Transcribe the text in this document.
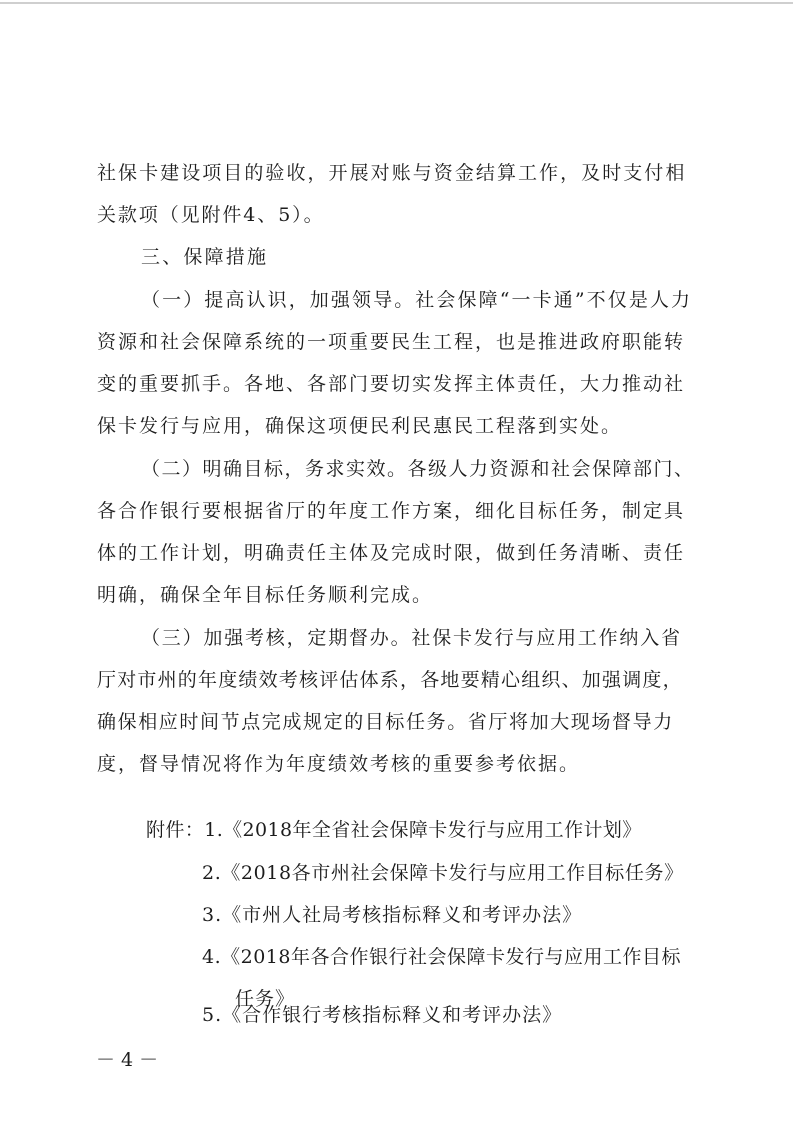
社保卡建设项目的验收，开展对账与资金结算工作，及时支付相
关款项（见附件4、5）。
三、保障措施
（一）提高认识，加强领导。社会保障“一卡通”不仅是人力
资源和社会保障系统的一项重要民生工程，也是推进政府职能转
变的重要抓手。各地、各部门要切实发挥主体责任，大力推动社
保卡发行与应用，确保这项便民利民惠民工程落到实处。
（二）明确目标，务求实效。各级人力资源和社会保障部门、
各合作银行要根据省厅的年度工作方案，细化目标任务，制定具
体的工作计划，明确责任主体及完成时限，做到任务清晰、责任
明确，确保全年目标任务顺利完成。
（三）加强考核，定期督办。社保卡发行与应用工作纳入省
厅对市州的年度绩效考核评估体系，各地要精心组织、加强调度，
确保相应时间节点完成规定的目标任务。省厅将加大现场督导力
度，督导情况将作为年度绩效考核的重要参考依据。
附件：1.《2018年全省社会保障卡发行与应用工作计划》
2.《2018各市州社会保障卡发行与应用工作目标任务》
3.《市州人社局考核指标释义和考评办法》
4.《2018年各合作银行社会保障卡发行与应用工作目标
任务》
5.《合作银行考核指标释义和考评办法》
－ 4 －
